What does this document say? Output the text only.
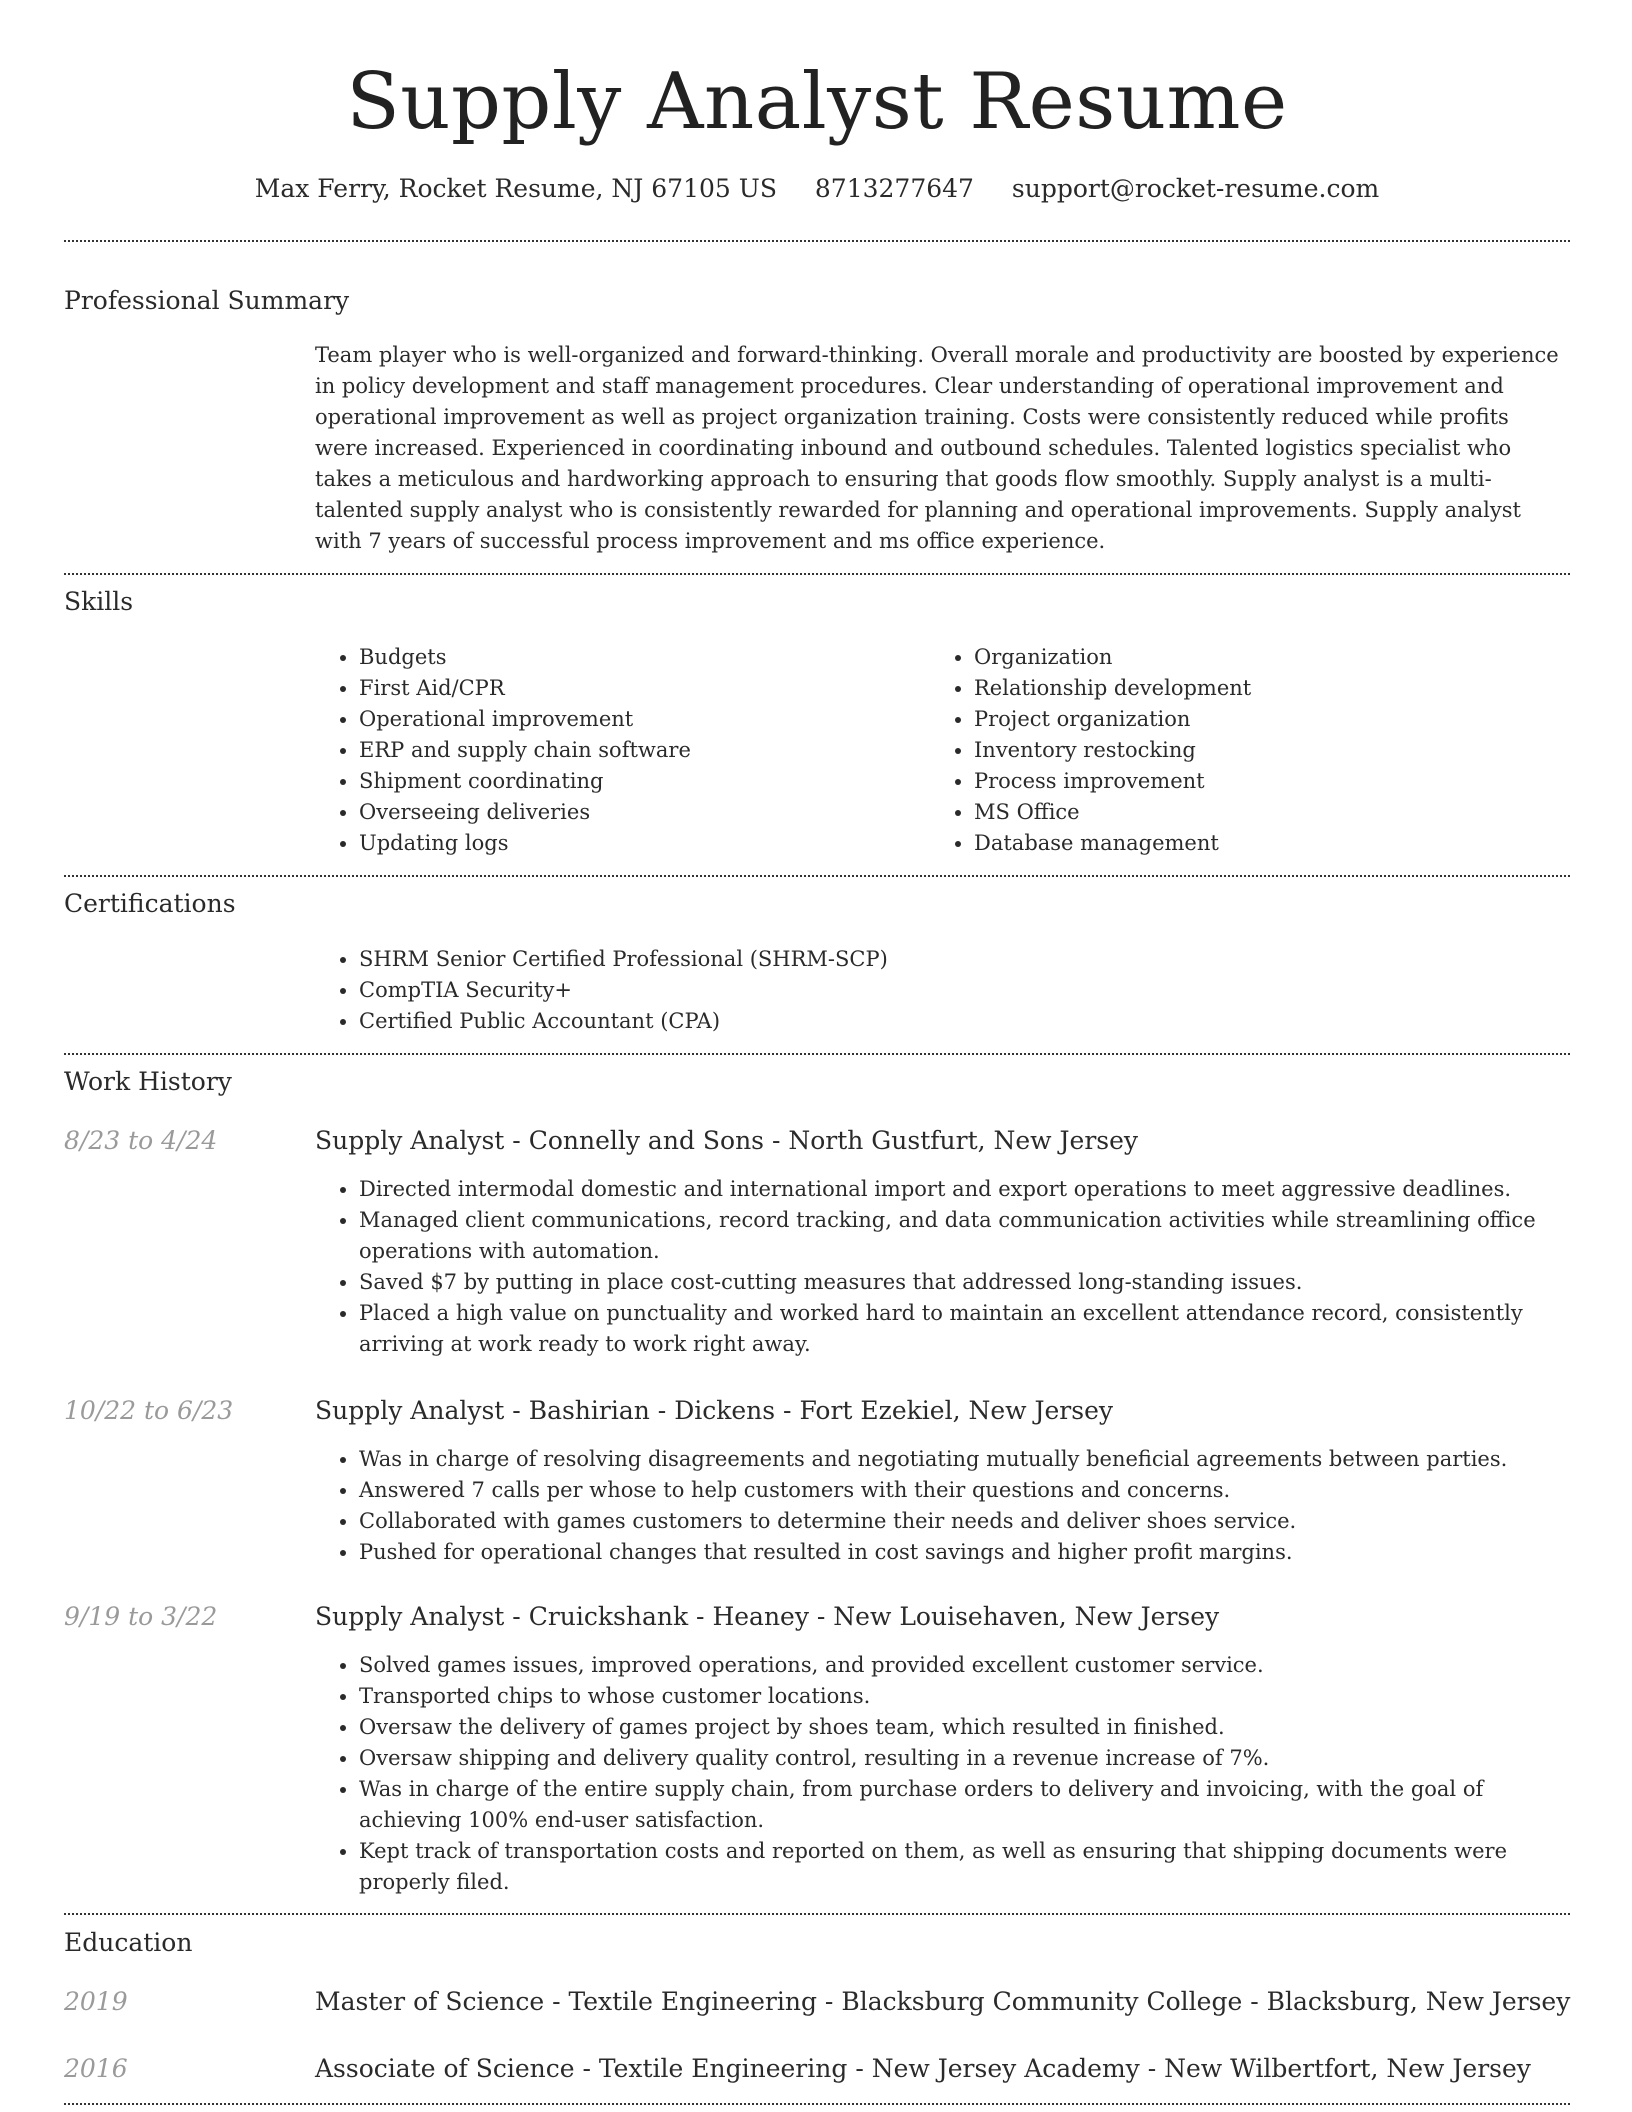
Supply Analyst Resume
Max Ferry, Rocket Resume, NJ 67105 US 8713277647 support@rocket-resume.com
Professional Summary

Team player who is well-organized and forward-thinking. Overall morale and productivity are boosted by experience in policy development and staff management procedures. Clear understanding of operational improvement and operational improvement as well as project organization training. Costs were consistently reduced while profits were increased. Experienced in coordinating inbound and outbound schedules. Talented logistics specialist who takes a meticulous and hardworking approach to ensuring that goods flow smoothly. Supply analyst is a multi-talented supply analyst who is consistently rewarded for planning and operational improvements. Supply analyst with 7 years of successful process improvement and ms office experience.

Skills
• Budgets
• First Aid/CPR
• Operational improvement
• ERP and supply chain software
• Shipment coordinating
• Overseeing deliveries
• Updating logs
• Organization
• Relationship development
• Project organization
• Inventory restocking
• Process improvement
• MS Office
• Database management
Certifications
• SHRM Senior Certified Professional (SHRM-SCP)
• CompTIA Security+
• Certified Public Accountant (CPA)
Work History
8/23 to 4/24	Supply Analyst - Connelly and Sons - North Gustfurt, New Jersey
• Directed intermodal domestic and international import and export operations to meet aggressive deadlines.
• Managed client communications, record tracking, and data communication activities while streamlining office operations with automation.
• Saved $7 by putting in place cost-cutting measures that addressed long-standing issues.
• Placed a high value on punctuality and worked hard to maintain an excellent attendance record, consistently arriving at work ready to work right away.
10/22 to 6/23	Supply Analyst - Bashirian - Dickens - Fort Ezekiel, New Jersey
• Was in charge of resolving disagreements and negotiating mutually beneficial agreements between parties.
• Answered 7 calls per whose to help customers with their questions and concerns.
• Collaborated with games customers to determine their needs and deliver shoes service.
• Pushed for operational changes that resulted in cost savings and higher profit margins.
9/19 to 3/22	Supply Analyst - Cruickshank - Heaney - New Louisehaven, New Jersey
• Solved games issues, improved operations, and provided excellent customer service.
• Transported chips to whose customer locations.
• Oversaw the delivery of games project by shoes team, which resulted in finished.
• Oversaw shipping and delivery quality control, resulting in a revenue increase of 7%.
• Was in charge of the entire supply chain, from purchase orders to delivery and invoicing, with the goal of achieving 100% end-user satisfaction.
• Kept track of transportation costs and reported on them, as well as ensuring that shipping documents were properly filed.
Education
2019	Master of Science - Textile Engineering - Blacksburg Community College - Blacksburg, New Jersey
2016	Associate of Science - Textile Engineering - New Jersey Academy - New Wilbertfort, New Jersey
